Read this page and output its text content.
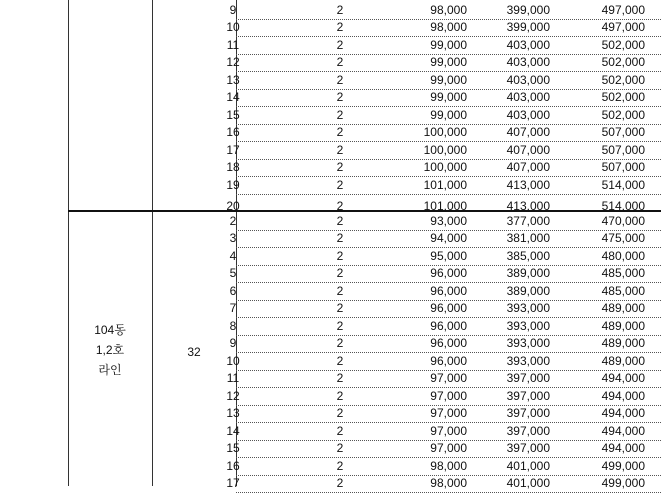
104동
1,2호
라인
32
9	2	98,000	399,000	497,000
10	2	98,000	399,000	497,000
11	2	99,000	403,000	502,000
12	2	99,000	403,000	502,000
13	2	99,000	403,000	502,000
14	2	99,000	403,000	502,000
15	2	99,000	403,000	502,000
16	2	100,000	407,000	507,000
17	2	100,000	407,000	507,000
18	2	100,000	407,000	507,000
19	2	101,000	413,000	514,000
20	2	101,000	413,000	514,000
2	2	93,000	377,000	470,000
3	2	94,000	381,000	475,000
4	2	95,000	385,000	480,000
5	2	96,000	389,000	485,000
6	2	96,000	389,000	485,000
7	2	96,000	393,000	489,000
8	2	96,000	393,000	489,000
9	2	96,000	393,000	489,000
10	2	96,000	393,000	489,000
11	2	97,000	397,000	494,000
12	2	97,000	397,000	494,000
13	2	97,000	397,000	494,000
14	2	97,000	397,000	494,000
15	2	97,000	397,000	494,000
16	2	98,000	401,000	499,000
17	2	98,000	401,000	499,000
